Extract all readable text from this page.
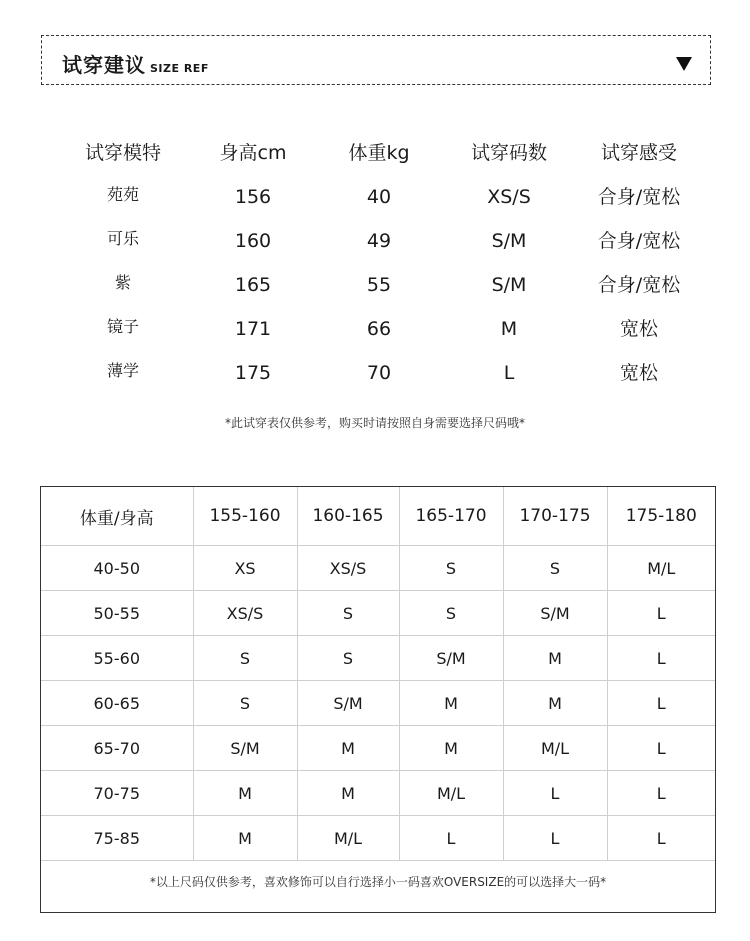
试穿建议 SIZE REF
试穿模特	身高cm	体重kg	试穿码数	试穿感受
苑苑	156	40	XS/S	合身/宽松
可乐	160	49	S/M	合身/宽松
紫	165	55	S/M	合身/宽松
镜子	171	66	M	宽松
薄学	175	70	L	宽松
*此试穿表仅供参考，购买时请按照自身需要选择尺码哦*
体重/身高	155-160	160-165	165-170	170-175	175-180
40-50	XS	XS/S	S	S	M/L
50-55	XS/S	S	S	S/M	L
55-60	S	S	S/M	M	L
60-65	S	S/M	M	M	L
65-70	S/M	M	M	M/L	L
70-75	M	M	M/L	L	L
75-85	M	M/L	L	L	L
*以上尺码仅供参考，喜欢修饰可以自行选择小一码喜欢OVERSIZE的可以选择大一码*
